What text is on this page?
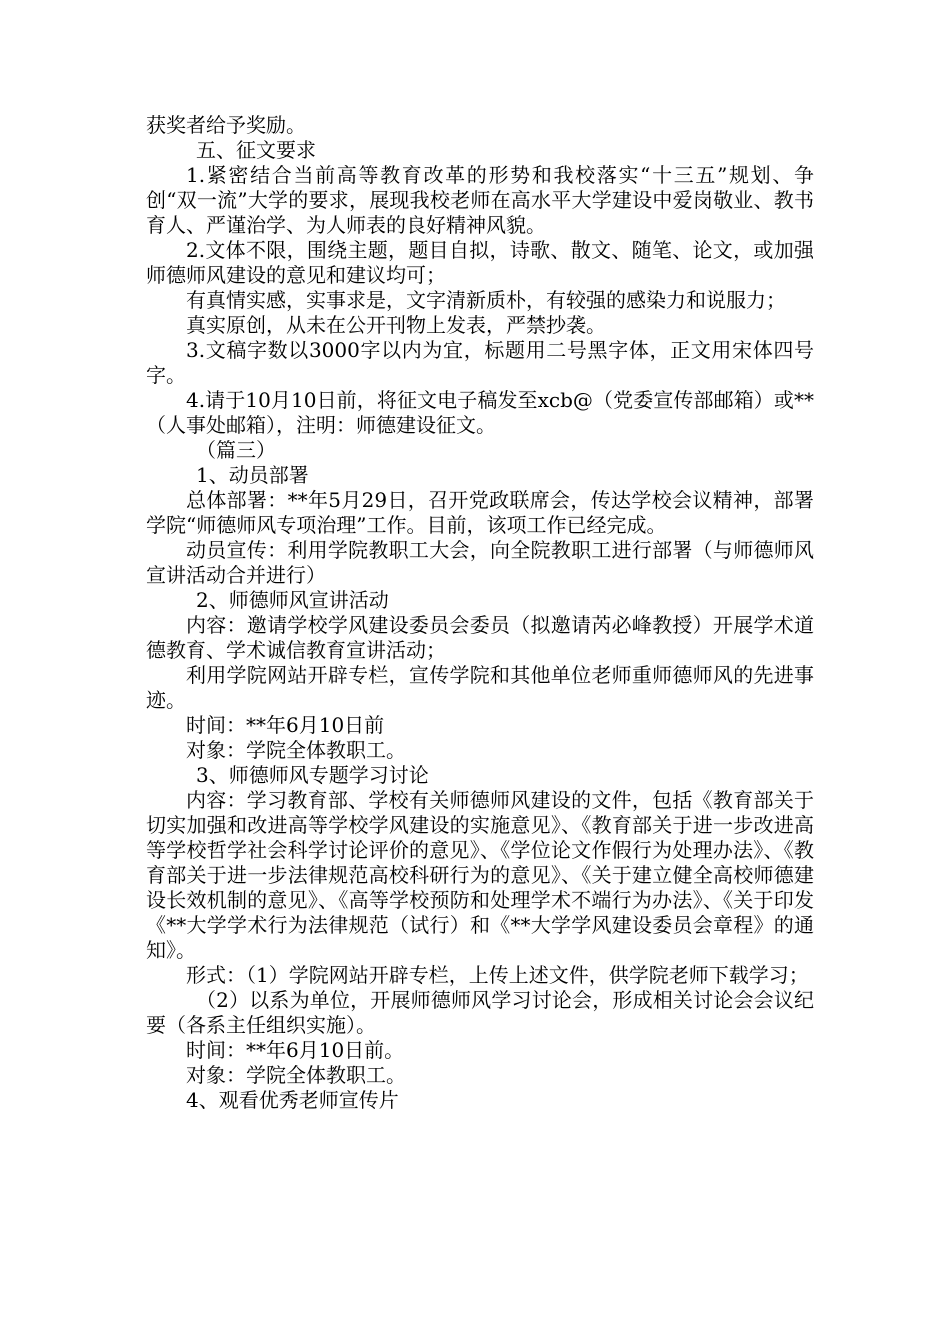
获奖者给予奖励。

五、征文要求

1.紧密结合当前高等教育改革的形势和我校落实“十三五”规划、争创“双一流”大学的要求，展现我校老师在高水平大学建设中爱岗敬业、教书育人、严谨治学、为人师表的良好精神风貌。

2.文体不限，围绕主题，题目自拟，诗歌、散文、随笔、论文，或加强师德师风建设的意见和建议均可；

有真情实感，实事求是，文字清新质朴，有较强的感染力和说服力；

真实原创，从未在公开刊物上发表，严禁抄袭。

3.文稿字数以3000字以内为宜，标题用二号黑字体，正文用宋体四号字。

4.请于10月10日前，将征文电子稿发至xcb@（党委宣传部邮箱）或**（人事处邮箱），注明：师德建设征文。

（篇三）

1、动员部署

总体部署：**年5月29日，召开党政联席会，传达学校会议精神，部署学院“师德师风专项治理”工作。目前，该项工作已经完成。

动员宣传：利用学院教职工大会，向全院教职工进行部署（与师德师风宣讲活动合并进行）

2、师德师风宣讲活动

内容：邀请学校学风建设委员会委员（拟邀请芮必峰教授）开展学术道德教育、学术诚信教育宣讲活动；

利用学院网站开辟专栏，宣传学院和其他单位老师重师德师风的先进事迹。

时间：**年6月10日前

对象：学院全体教职工。

3、师德师风专题学习讨论

内容：学习教育部、学校有关师德师风建设的文件，包括《教育部关于切实加强和改进高等学校学风建设的实施意见》、《教育部关于进一步改进高等学校哲学社会科学讨论评价的意见》、《学位论文作假行为处理办法》、《教育部关于进一步法律规范高校科研行为的意见》、《关于建立健全高校师德建设长效机制的意见》、《高等学校预防和处理学术不端行为办法》、《关于印发《**大学学术行为法律规范（试行）和《**大学学风建设委员会章程》的通知》。

形式：（1）学院网站开辟专栏，上传上述文件，供学院老师下载学习；

（2）以系为单位，开展师德师风学习讨论会，形成相关讨论会会议纪要（各系主任组织实施）。

时间：**年6月10日前。

对象：学院全体教职工。

4、观看优秀老师宣传片
